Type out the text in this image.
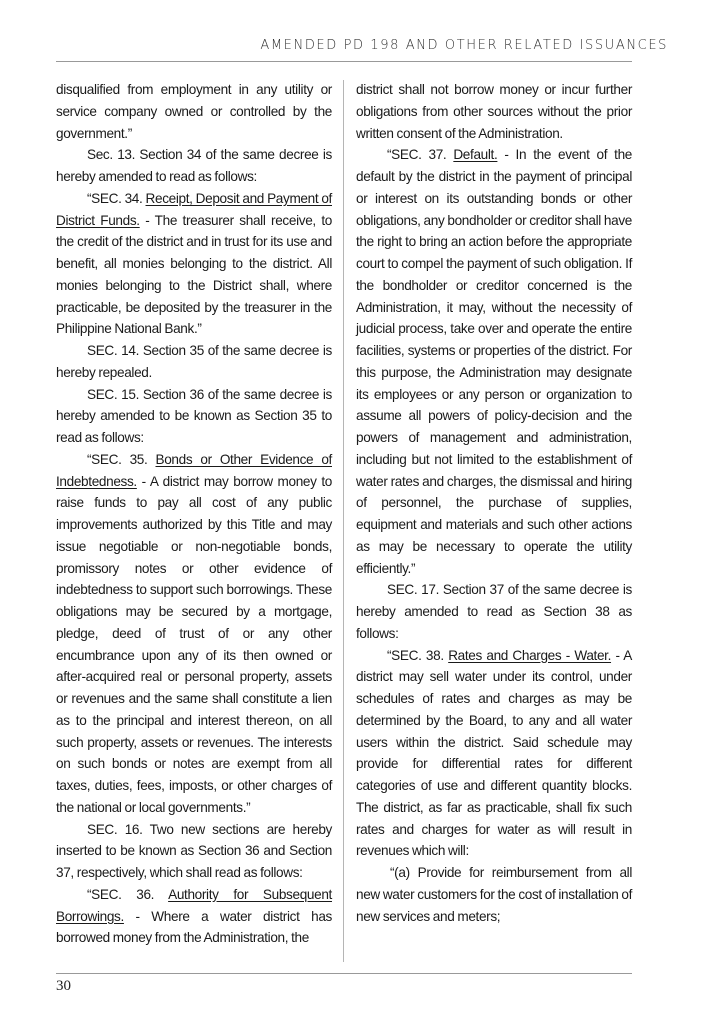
AMENDED PD 198 AND OTHER RELATED ISSUANCES

disqualified from employment in any utility or service company owned or controlled by the government.”

Sec. 13. Section 34 of the same decree is hereby amended to read as follows:

“SEC. 34. Receipt, Deposit and Payment of District Funds. - The treasurer shall receive, to the credit of the district and in trust for its use and benefit, all monies belonging to the district. All monies belonging to the District shall, where practicable, be deposited by the treasurer in the Philippine National Bank.”

SEC. 14. Section 35 of the same decree is hereby repealed.

SEC. 15. Section 36 of the same decree is hereby amended to be known as Section 35 to read as follows:

“SEC. 35. Bonds or Other Evidence of Indebtedness. - A district may borrow money to raise funds to pay all cost of any public improvements authorized by this Title and may issue negotiable or non-negotiable bonds, promissory notes or other evidence of indebtedness to support such borrowings. These obligations may be secured by a mortgage, pledge, deed of trust of or any other encumbrance upon any of its then owned or after-acquired real or personal property, assets or revenues and the same shall constitute a lien as to the principal and interest thereon, on all such property, assets or revenues. The interests on such bonds or notes are exempt from all taxes, duties, fees, imposts, or other charges of the national or local governments.”

SEC. 16. Two new sections are hereby inserted to be known as Section 36 and Section 37, respectively, which shall read as follows:

“SEC. 36. Authority for Subsequent Borrowings. - Where a water district has borrowed money from the Administration, the

district shall not borrow money or incur further obligations from other sources without the prior written consent of the Administration.

“SEC. 37. Default. - In the event of the default by the district in the payment of principal or interest on its outstanding bonds or other obligations, any bondholder or creditor shall have the right to bring an action before the appropriate court to compel the payment of such obligation. If the bondholder or creditor concerned is the Administration, it may, without the necessity of judicial process, take over and operate the entire facilities, systems or properties of the district. For this purpose, the Administration may designate its employees or any person or organization to assume all powers of policy-decision and the powers of management and administration, including but not limited to the establishment of water rates and charges, the dismissal and hiring of personnel, the purchase of supplies, equipment and materials and such other actions as may be necessary to operate the utility efficiently.”

SEC. 17. Section 37 of the same decree is hereby amended to read as Section 38 as follows:

“SEC. 38. Rates and Charges - Water. - A district may sell water under its control, under schedules of rates and charges as may be determined by the Board, to any and all water users within the district. Said schedule may provide for differential rates for different categories of use and different quantity blocks. The district, as far as practicable, shall fix such rates and charges for water as will result in revenues which will:

“(a) Provide for reimbursement from all new water customers for the cost of installation of new services and meters;

30
